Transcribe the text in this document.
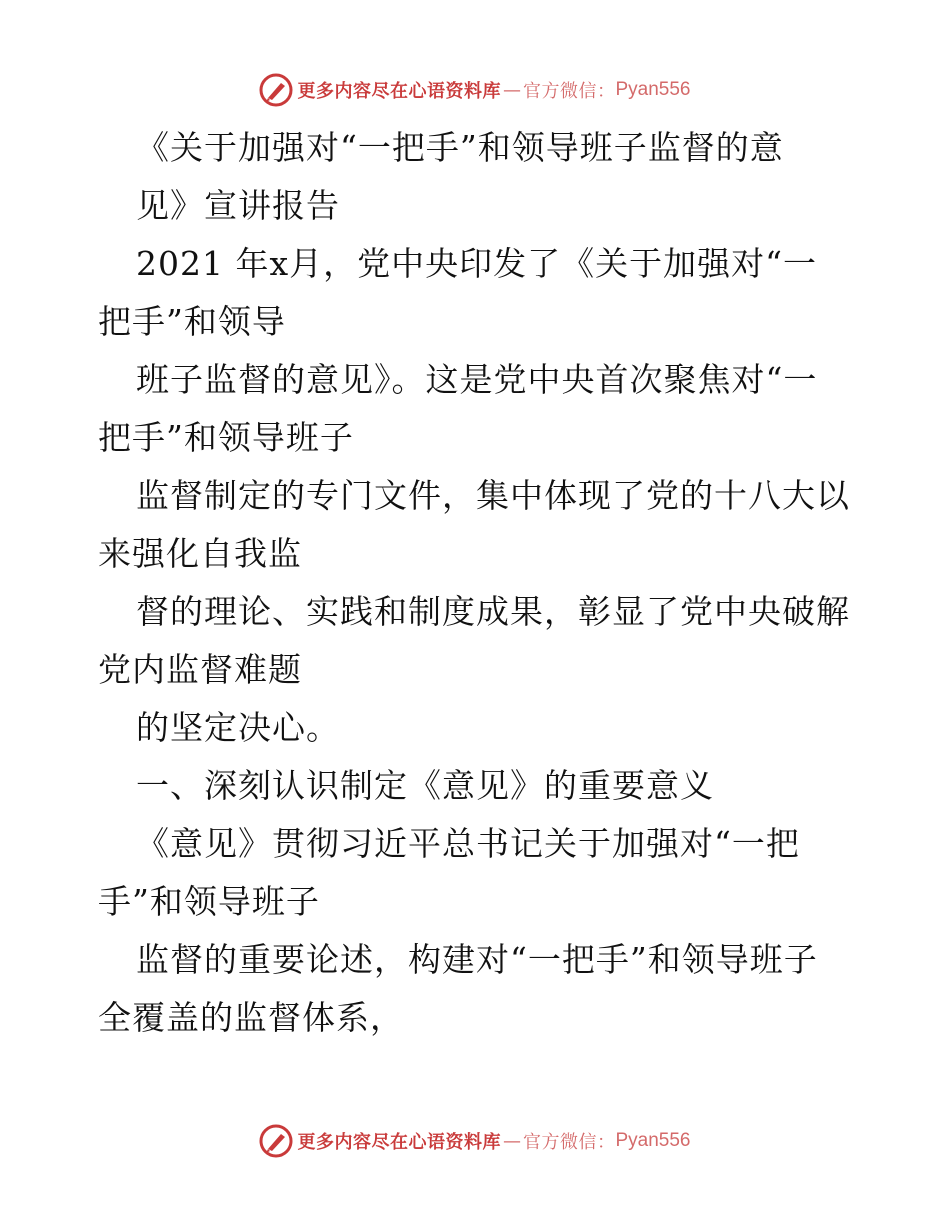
更多内容尽在心语资料库 — 官方微信： Pyan556
《关于加强对“一把手”和领导班子监督的意
见》宣讲报告
2021 年x月，党中央印发了《关于加强对“一
把手”和领导
班子监督的意见》。这是党中央首次聚焦对“一
把手”和领导班子
监督制定的专门文件，集中体现了党的十八大以
来强化自我监
督的理论、实践和制度成果，彰显了党中央破解
党内监督难题
的坚定决心。
一、深刻认识制定《意见》的重要意义
《意见》贯彻习近平总书记关于加强对“一把
手”和领导班子
监督的重要论述，构建对“一把手”和领导班子
全覆盖的监督体系，
更多内容尽在心语资料库 — 官方微信： Pyan556
